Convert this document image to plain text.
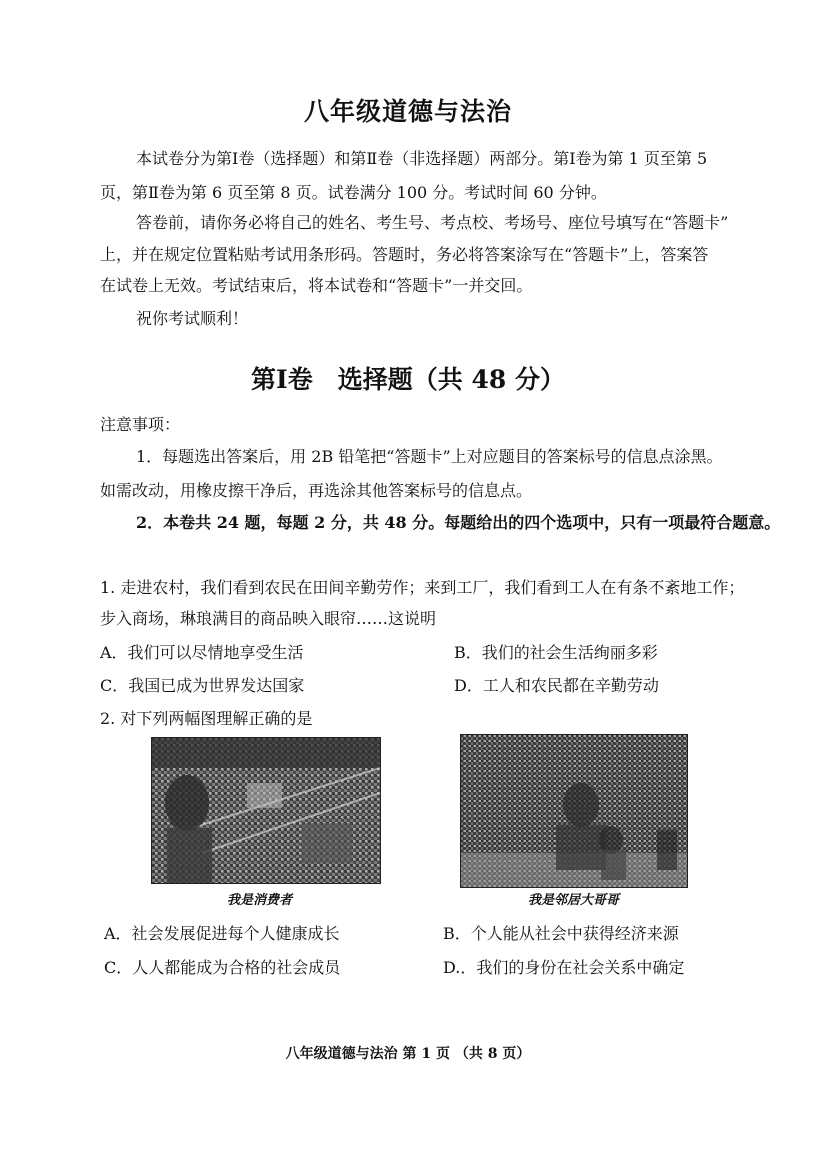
八年级道德与法治
本试卷分为第Ⅰ卷（选择题）和第Ⅱ卷（非选择题）两部分。第Ⅰ卷为第 1 页至第 5
页，第Ⅱ卷为第 6 页至第 8 页。试卷满分 100 分。考试时间 60 分钟。
答卷前，请你务必将自己的姓名、考生号、考点校、考场号、座位号填写在“答题卡”
上，并在规定位置粘贴考试用条形码。答题时，务必将答案涂写在“答题卡”上，答案答
在试卷上无效。考试结束后，将本试卷和“答题卡”一并交回。
祝你考试顺利！
第Ⅰ卷　选择题（共 48 分）
注意事项：
1．每题选出答案后，用 2B 铅笔把“答题卡”上对应题目的答案标号的信息点涂黑。
如需改动，用橡皮擦干净后，再选涂其他答案标号的信息点。
2．本卷共 24 题，每题 2 分，共 48 分。每题给出的四个选项中，只有一项最符合题意。
1. 走进农村，我们看到农民在田间辛勤劳作；来到工厂，我们看到工人在有条不紊地工作；
步入商场，琳琅满目的商品映入眼帘……这说明
A．我们可以尽情地享受生活	B．我们的社会生活绚丽多彩
C．我国已成为世界发达国家	D．工人和农民都在辛勤劳动
2. 对下列两幅图理解正确的是
我是消费者	我是邻居大哥哥
A．社会发展促进每个人健康成长	B．个人能从社会中获得经济来源
C．人人都能成为合格的社会成员	D.．我们的身份在社会关系中确定
八年级道德与法治 第 1 页 （共 8 页）
